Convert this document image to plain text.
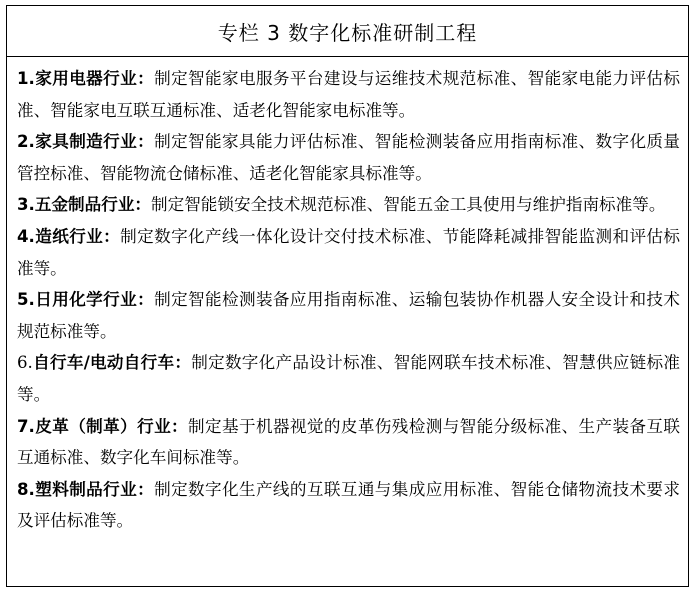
专栏 3 数字化标准研制工程
1.家用电器行业：制定智能家电服务平台建设与运维技术规范标准、智能家电能力评估标准、智能家电互联互通标准、适老化智能家电标准等。
2.家具制造行业：制定智能家具能力评估标准、智能检测装备应用指南标准、数字化质量管控标准、智能物流仓储标准、适老化智能家具标准等。
3.五金制品行业：制定智能锁安全技术规范标准、智能五金工具使用与维护指南标准等。
4.造纸行业：制定数字化产线一体化设计交付技术标准、节能降耗减排智能监测和评估标准等。
5.日用化学行业：制定智能检测装备应用指南标准、运输包装协作机器人安全设计和技术规范标准等。
6.自行车/电动自行车：制定数字化产品设计标准、智能网联车技术标准、智慧供应链标准等。
7.皮革（制革）行业：制定基于机器视觉的皮革伤残检测与智能分级标准、生产装备互联互通标准、数字化车间标准等。
8.塑料制品行业：制定数字化生产线的互联互通与集成应用标准、智能仓储物流技术要求及评估标准等。
